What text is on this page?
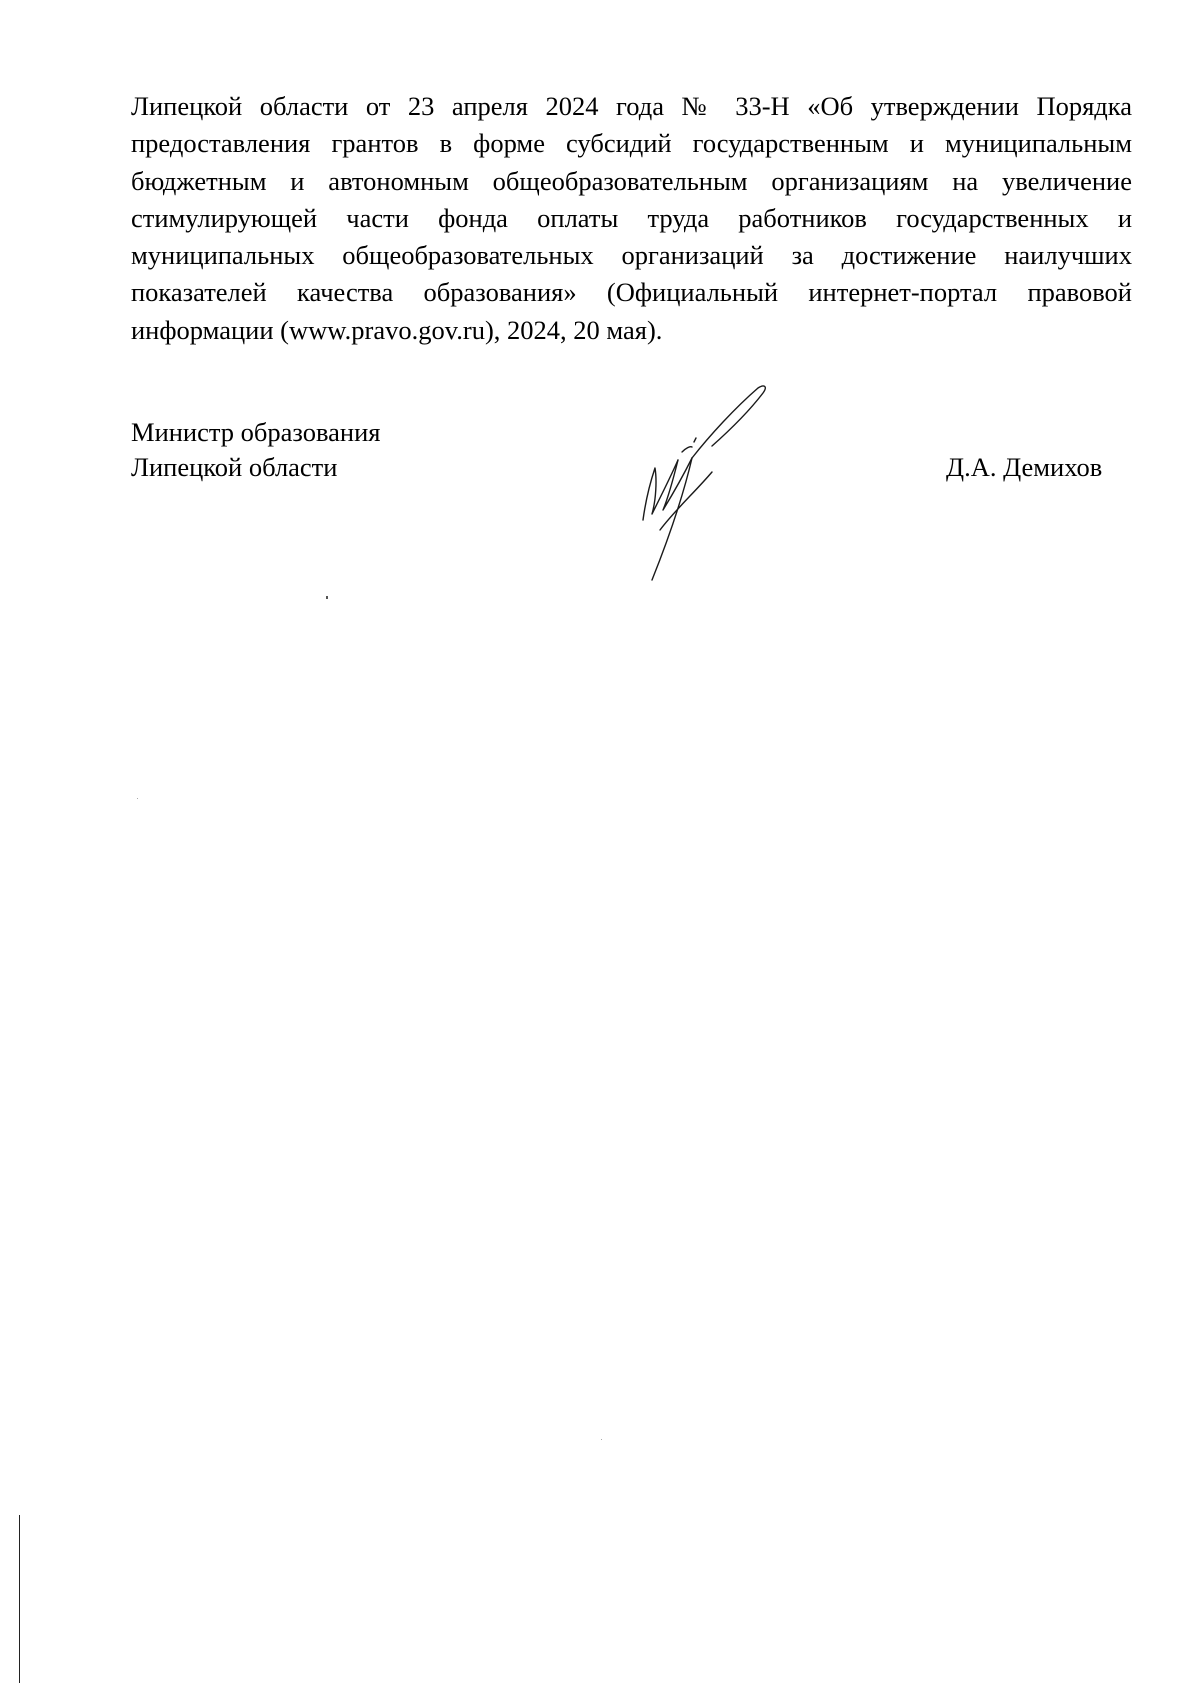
Липецкой области от 23 апреля 2024 года № 33-Н «Об утверждении Порядка предоставления грантов в форме субсидий государственным и муниципальным бюджетным и автономным общеобразовательным организациям на увеличение стимулирующей части фонда оплаты труда работников государственных и муниципальных общеобразовательных организаций за достижение наилучших показателей качества образования» (Официальный интернет-портал правовой информации (www.pravo.gov.ru), 2024, 20 мая).

Министр образования
Липецкой области	Д.А. Демихов
